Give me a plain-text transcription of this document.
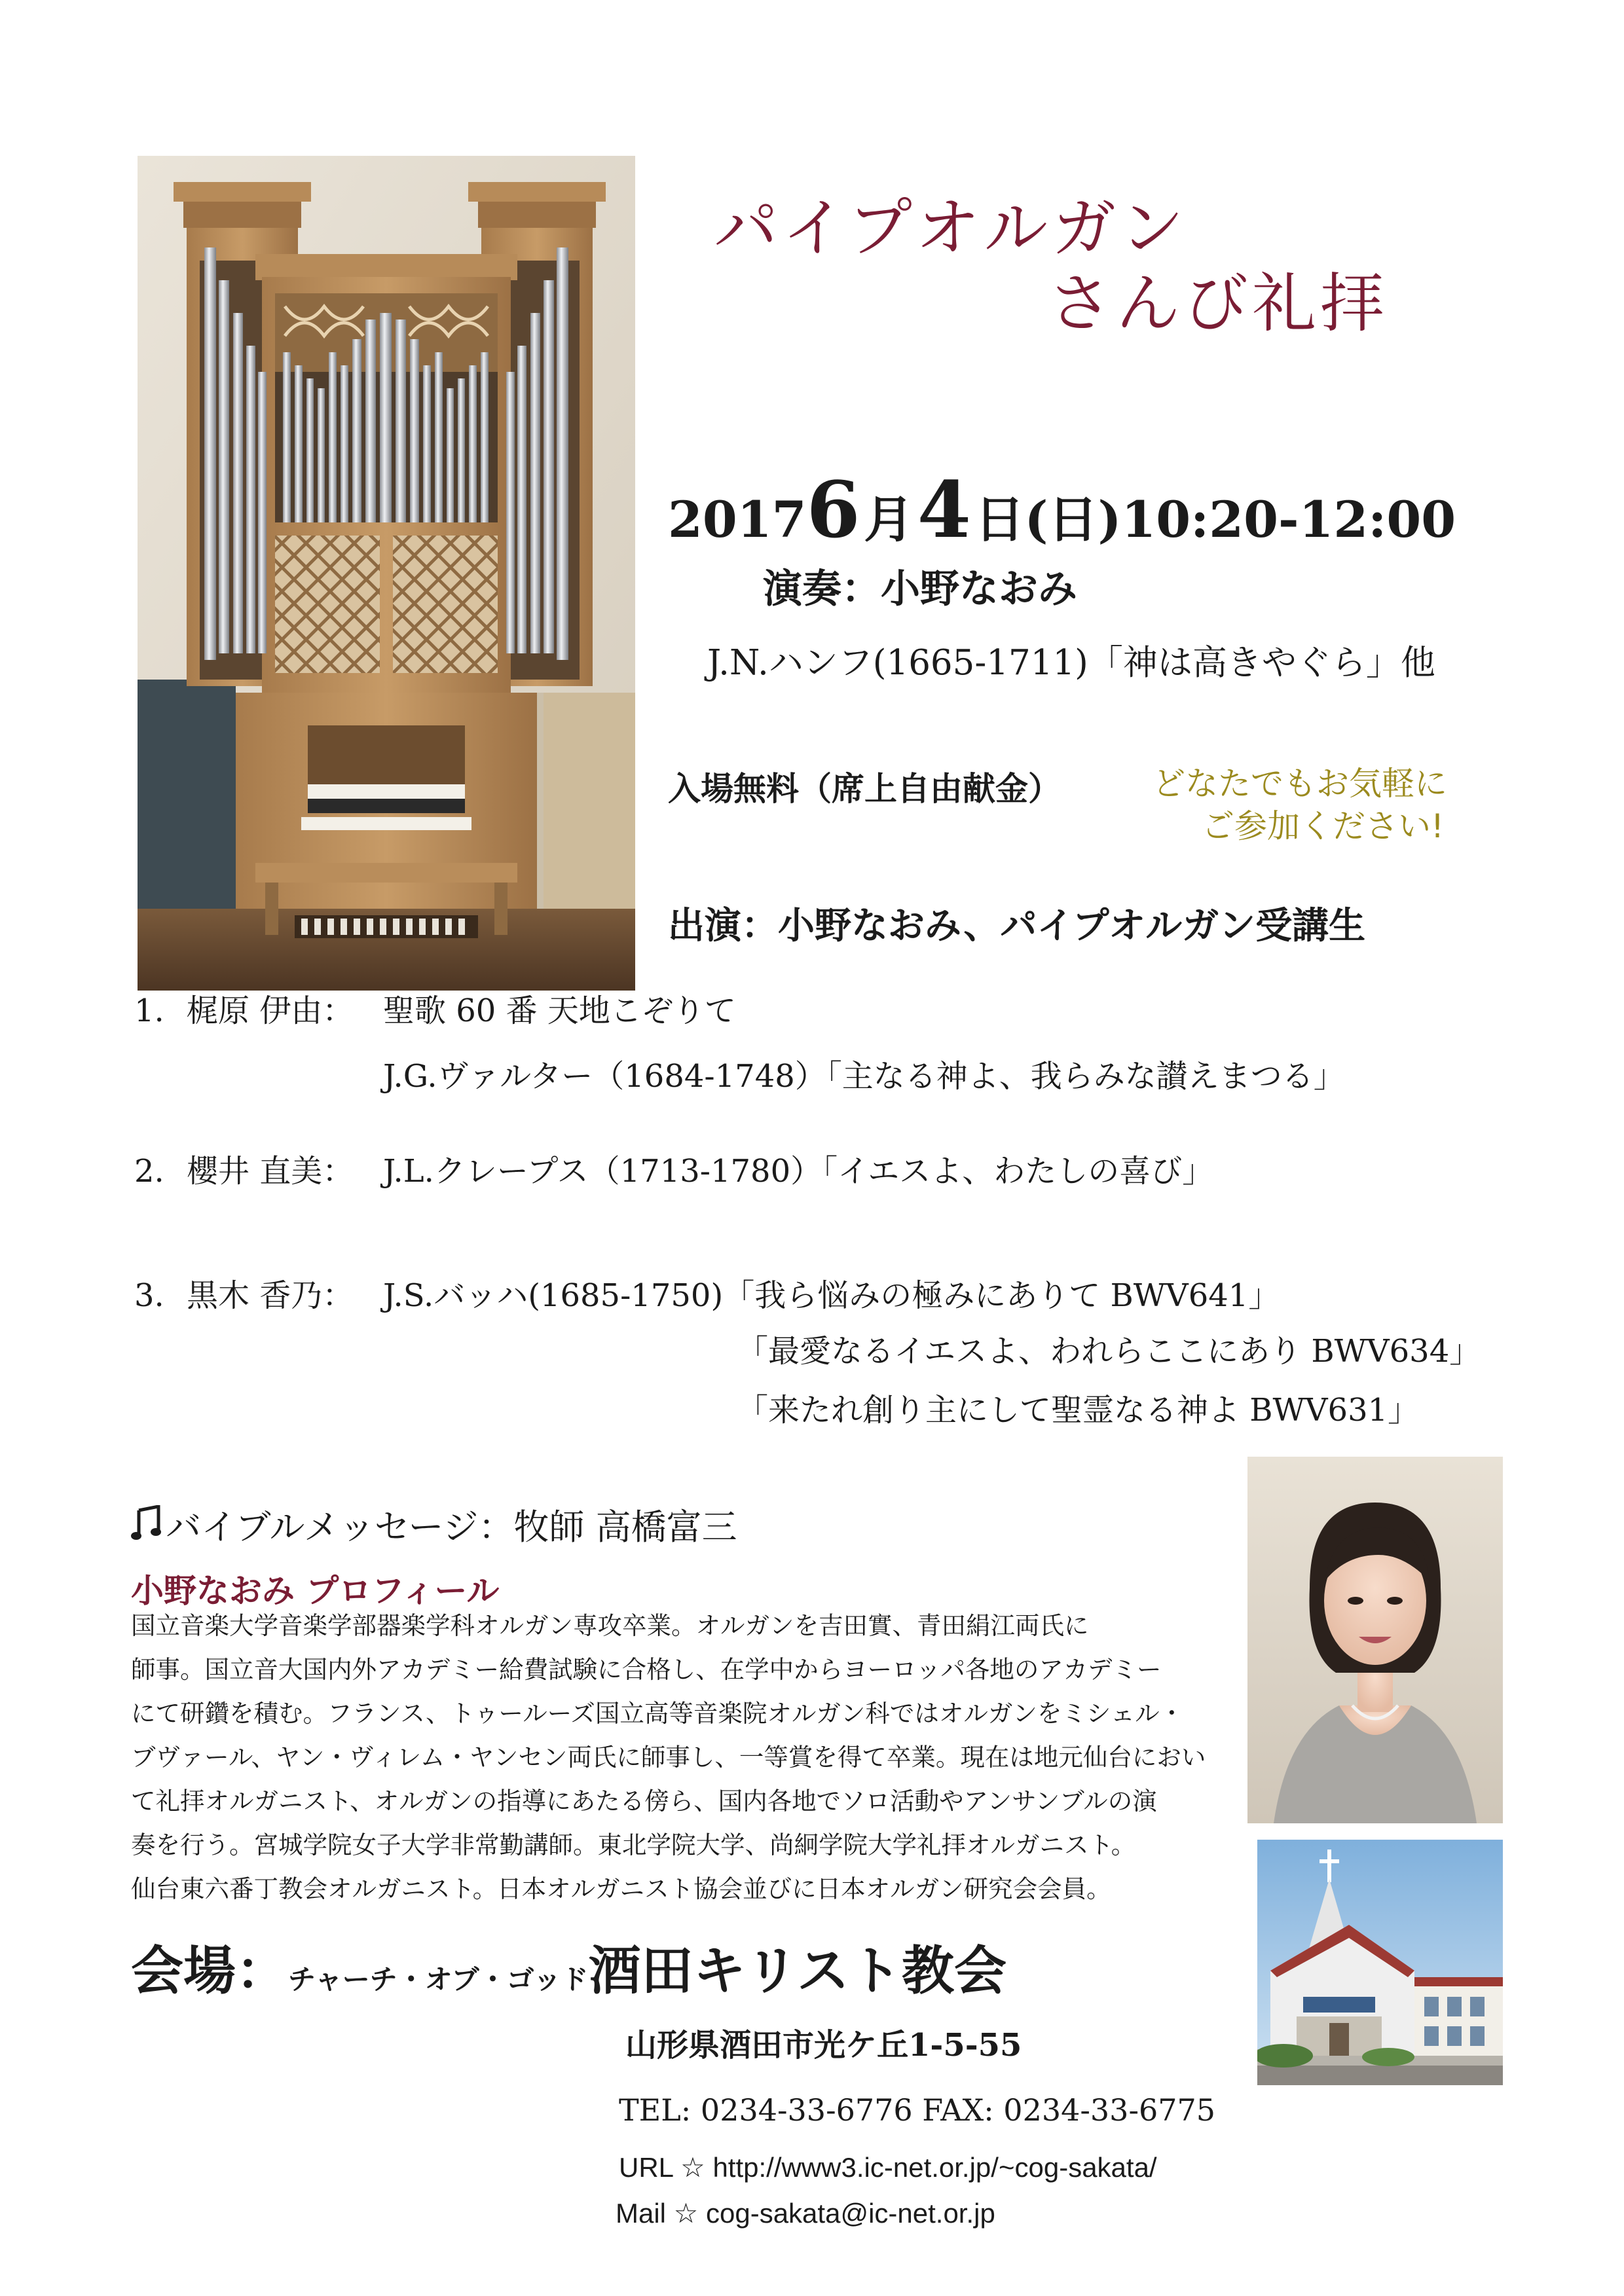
パイプオルガン
さんび礼拝
20176 月 4 日(日)10:20-12:00
演奏：小野なおみ
J.N.ハンフ(1665-1711)「神は高きやぐら」他
入場無料（席上自由献金）	どなたでもお気軽に
ご参加ください!
出演：小野なおみ、パイプオルガン受講生
1. 梶原 伊由： 聖歌 60 番 天地こぞりて
J.G.ヴァルター（1684-1748）「主なる神よ、我らみな讃えまつる」
2. 櫻井 直美： J.L.クレープス（1713-1780）「イエスよ、わたしの喜び」
3. 黒木 香乃： J.S.バッハ(1685-1750)「我ら悩みの極みにありて BWV641」
「最愛なるイエスよ、われらここにあり BWV634」
「来たれ創り主にして聖霊なる神よ BWV631」
バイブルメッセージ：牧師 高橋富三
小野なおみ プロフィール
国立音楽大学音楽学部器楽学科オルガン専攻卒業。オルガンを吉田實、青田絹江両氏に
師事。国立音大国内外アカデミー給費試験に合格し、在学中からヨーロッパ各地のアカデミー
にて研鑽を積む。フランス、トゥールーズ国立高等音楽院オルガン科ではオルガンをミシェル・
ブヴァール、ヤン・ヴィレム・ヤンセン両氏に師事し、一等賞を得て卒業。現在は地元仙台におい
て礼拝オルガニスト、オルガンの指導にあたる傍ら、国内各地でソロ活動やアンサンブルの演
奏を行う。宮城学院女子大学非常勤講師。東北学院大学、尚絅学院大学礼拝オルガニスト。
仙台東六番丁教会オルガニスト。日本オルガニスト協会並びに日本オルガン研究会会員。
会場：チャーチ・オブ・ゴッド酒田キリスト教会
山形県酒田市光ケ丘1-5-55
TEL: 0234-33-6776 FAX: 0234-33-6775
URL ☆ http://www3.ic-net.or.jp/~cog-sakata/
Mail ☆ cog-sakata@ic-net.or.jp
